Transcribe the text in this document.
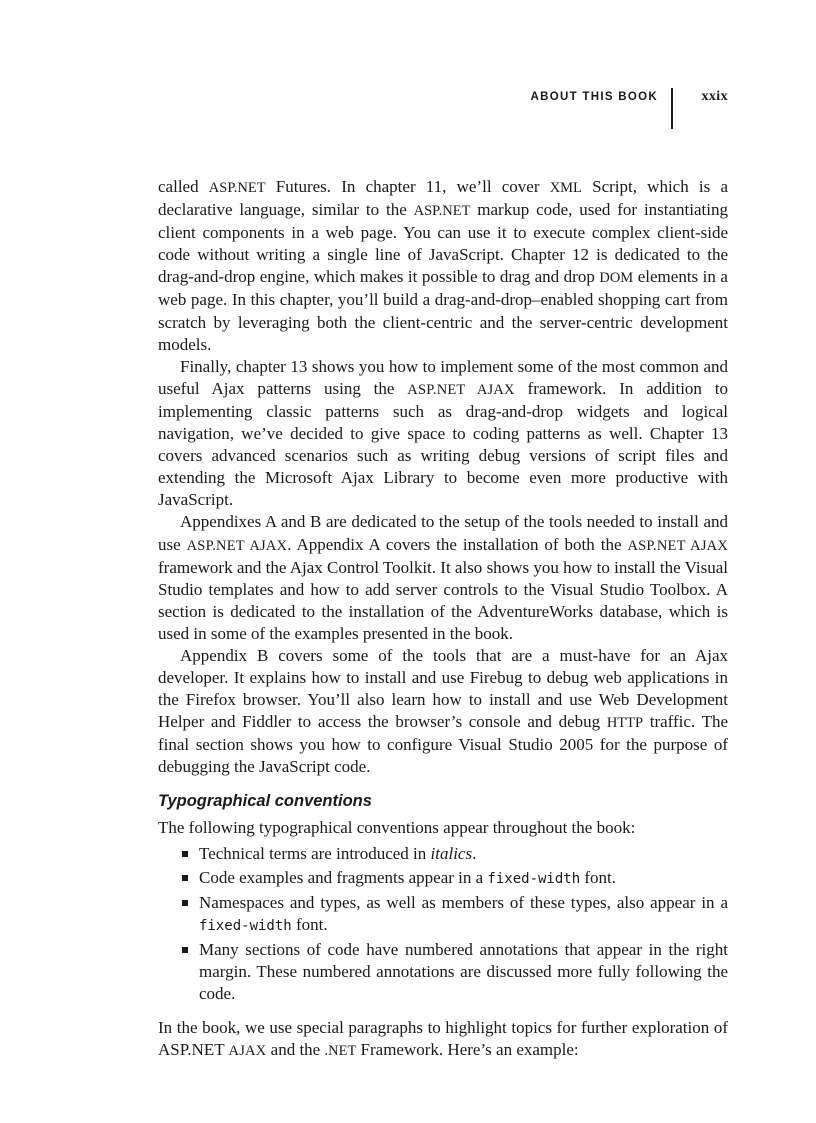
ABOUT THIS BOOK	xxix

called ASP.NET Futures. In chapter 11, we’ll cover XML Script, which is a declarative language, similar to the ASP.NET markup code, used for instantiating client components in a web page. You can use it to execute complex client-side code without writing a single line of JavaScript. Chapter 12 is dedicated to the drag-and-drop engine, which makes it possible to drag and drop DOM elements in a web page. In this chapter, you’ll build a drag-and-drop–enabled shopping cart from scratch by leveraging both the client-centric and the server-centric development models.

Finally, chapter 13 shows you how to implement some of the most common and useful Ajax patterns using the ASP.NET AJAX framework. In addition to implementing classic patterns such as drag-and-drop widgets and logical navigation, we’ve decided to give space to coding patterns as well. Chapter 13 covers advanced scenarios such as writing debug versions of script files and extending the Microsoft Ajax Library to become even more productive with JavaScript.

Appendixes A and B are dedicated to the setup of the tools needed to install and use ASP.NET AJAX. Appendix A covers the installation of both the ASP.NET AJAX framework and the Ajax Control Toolkit. It also shows you how to install the Visual Studio templates and how to add server controls to the Visual Studio Toolbox. A section is dedicated to the installation of the AdventureWorks database, which is used in some of the examples presented in the book.

Appendix B covers some of the tools that are a must-have for an Ajax developer. It explains how to install and use Firebug to debug web applications in the Firefox browser. You’ll also learn how to install and use Web Development Helper and Fiddler to access the browser’s console and debug HTTP traffic. The final section shows you how to configure Visual Studio 2005 for the purpose of debugging the JavaScript code.

Typographical conventions

The following typographical conventions appear throughout the book:

Technical terms are introduced in italics.
Code examples and fragments appear in a fixed-width font.
Namespaces and types, as well as members of these types, also appear in a fixed-width font.
Many sections of code have numbered annotations that appear in the right margin. These numbered annotations are discussed more fully following the code.

In the book, we use special paragraphs to highlight topics for further exploration of ASP.NET AJAX and the .NET Framework. Here’s an example:
